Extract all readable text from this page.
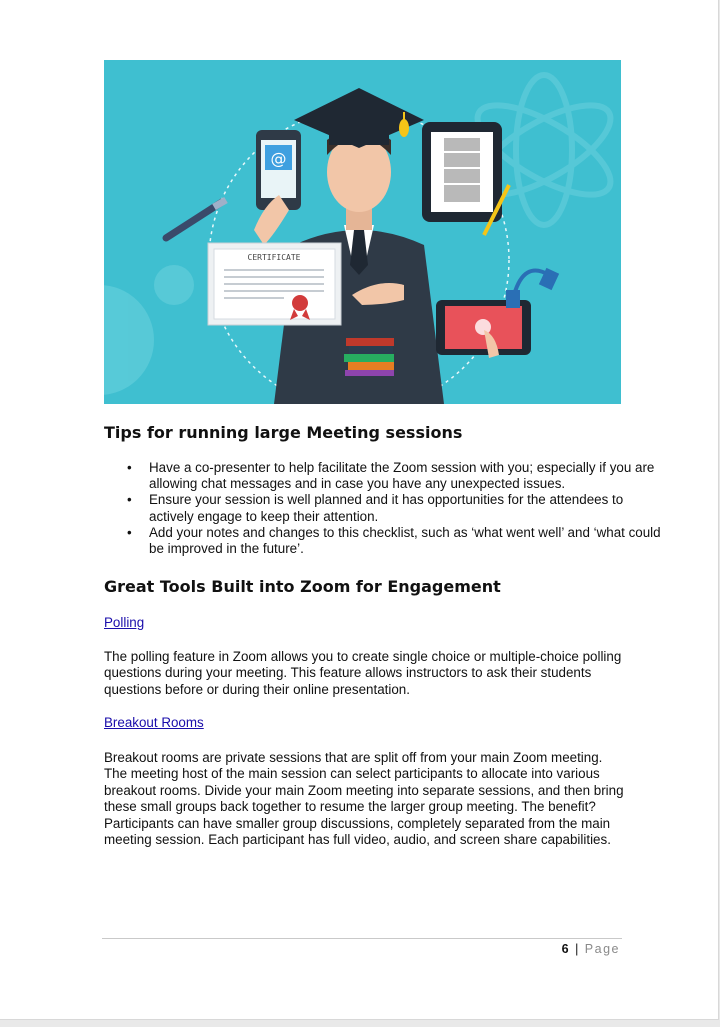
@
CERTIFICATE
Tips for running large Meeting sessions
• Have a co-presenter to help facilitate the Zoom session with you; especially if you are allowing chat messages and in case you have any unexpected issues.
• Ensure your session is well planned and it has opportunities for the attendees to actively engage to keep their attention.
• Add your notes and changes to this checklist, such as ‘what went well’ and ‘what could be improved in the future’.
Great Tools Built into Zoom for Engagement
Polling

The polling feature in Zoom allows you to create single choice or multiple-choice polling questions during your meeting. This feature allows instructors to ask their students questions before or during their online presentation.

Breakout Rooms

Breakout rooms are private sessions that are split off from your main Zoom meeting. The meeting host of the main session can select participants to allocate into various breakout rooms. Divide your main Zoom meeting into separate sessions, and then bring these small groups back together to resume the larger group meeting. The benefit? Participants can have smaller group discussions, completely separated from the main meeting session. Each participant has full video, audio, and screen share capabilities.

6 | Page
